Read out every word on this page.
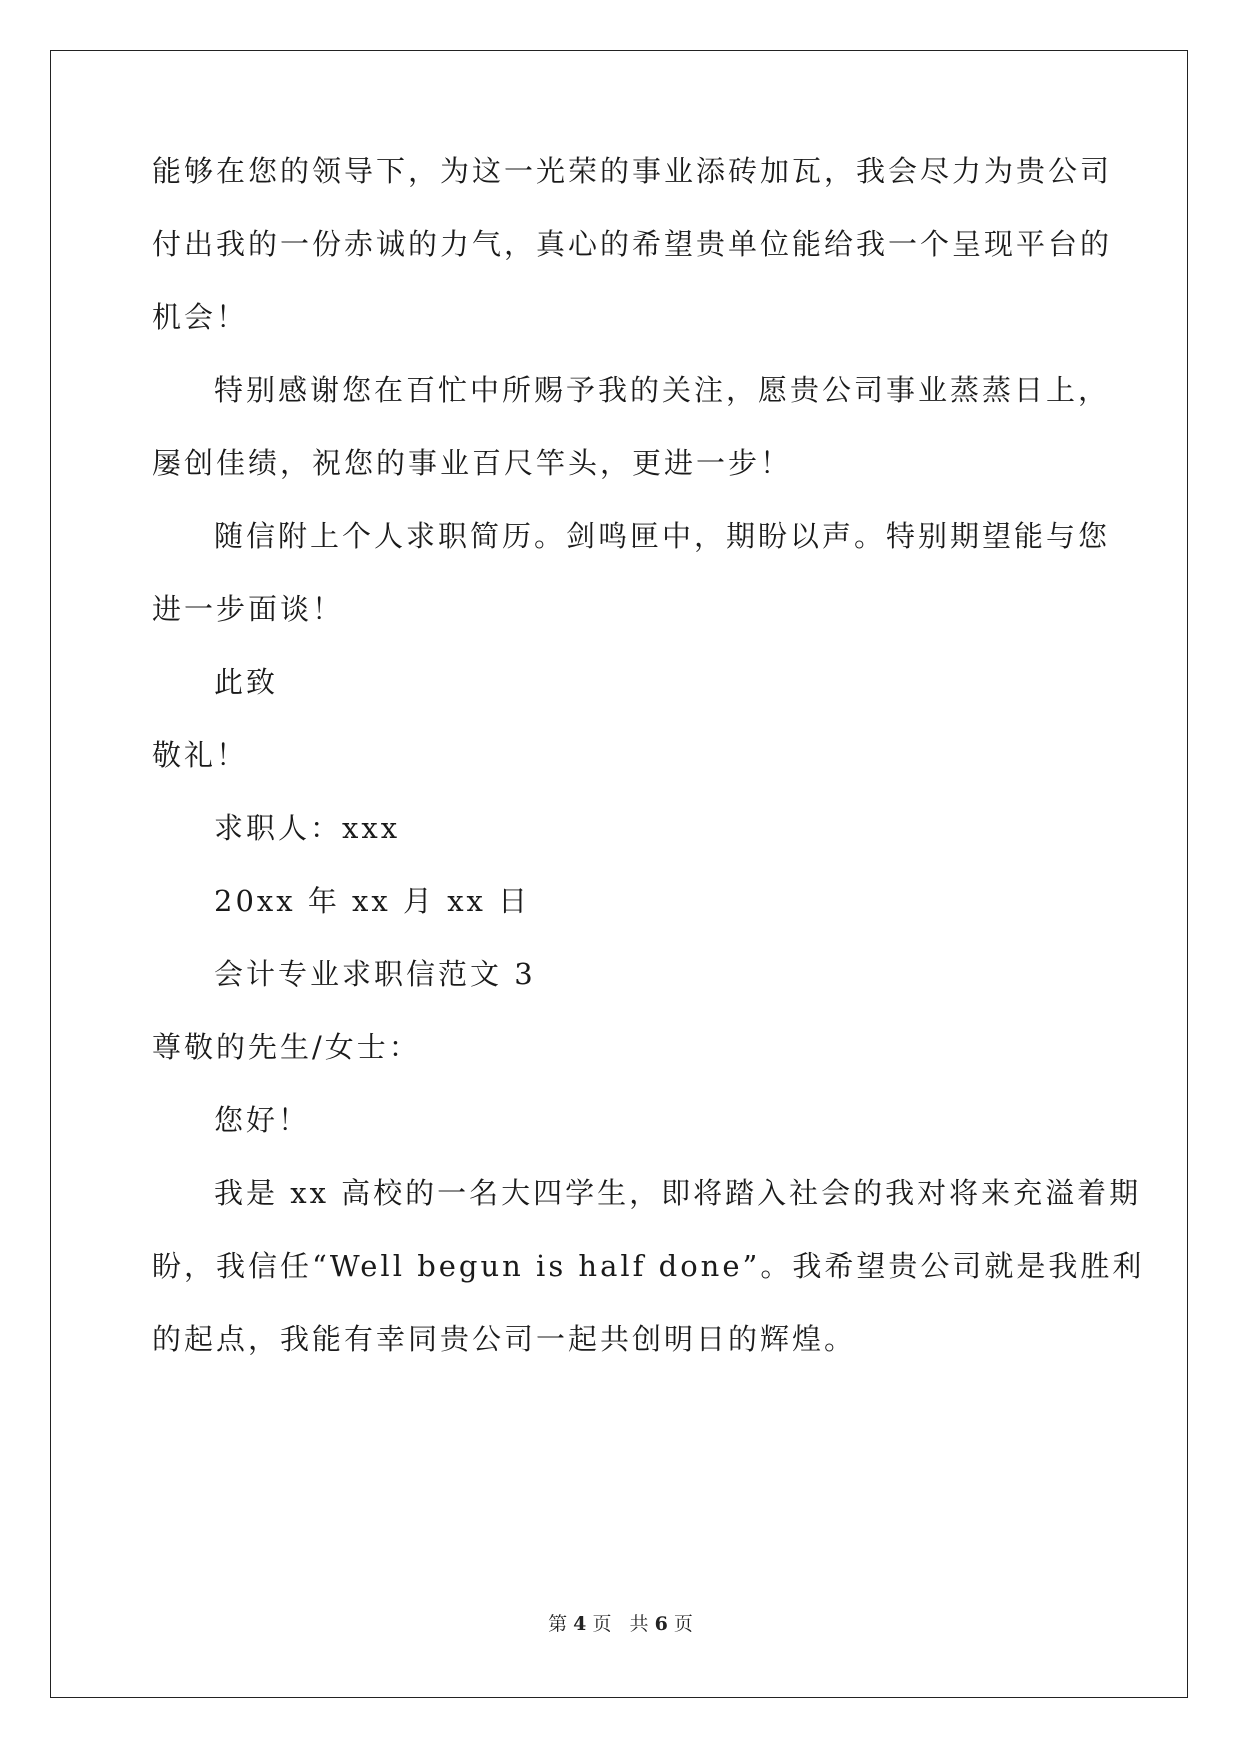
能够在您的领导下，为这一光荣的事业添砖加瓦，我会尽力为贵公司
付出我的一份赤诚的力气，真心的希望贵单位能给我一个呈现平台的
机会！
特别感谢您在百忙中所赐予我的关注，愿贵公司事业蒸蒸日上，
屡创佳绩，祝您的事业百尺竿头，更进一步！
随信附上个人求职简历。剑鸣匣中，期盼以声。特别期望能与您
进一步面谈！
此致
敬礼！
求职人：xxx
20xx 年 xx 月 xx 日
会计专业求职信范文 3
尊敬的先生/女士：
您好！
我是 xx 高校的一名大四学生，即将踏入社会的我对将来充溢着期
盼，我信任“Well begun is half done”。我希望贵公司就是我胜利
的起点，我能有幸同贵公司一起共创明日的辉煌。
第 4 页   共 6 页
